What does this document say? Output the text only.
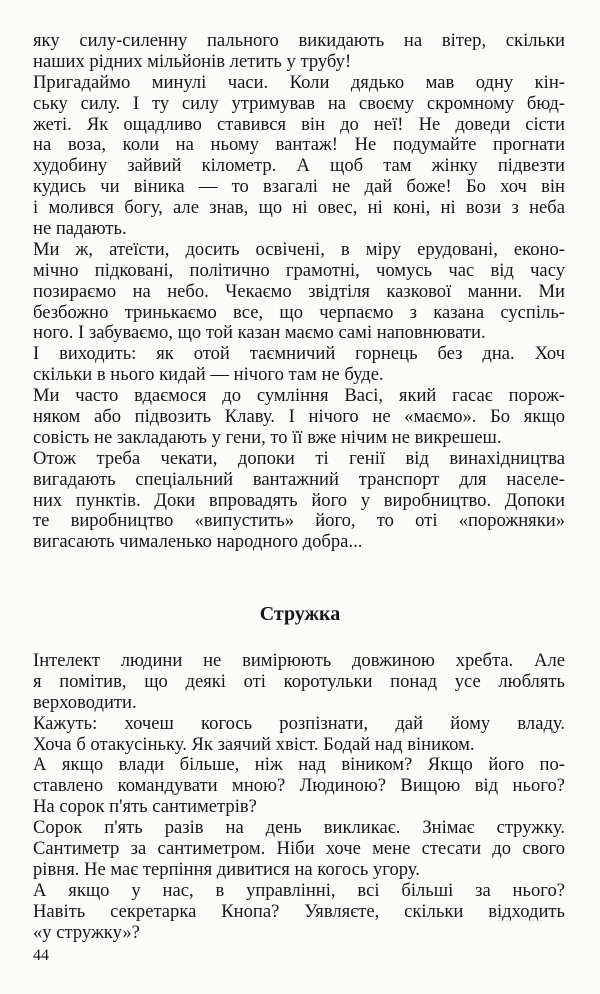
яку силу-силенну пального викидають на вітер, скільки
наших рідних мільйонів летить у трубу!
Пригадаймо минулі часи. Коли дядько мав одну кін-
ську силу. І ту силу утримував на своєму скромному бюд-
жеті. Як ощадливо ставився він до неї! Не доведи сісти
на воза, коли на ньому вантаж! Не подумайте прогнати
худобину зайвий кілометр. А щоб там жінку підвезти
кудись чи віника — то взагалі не дай боже! Бо хоч він
і молився богу, але знав, що ні овес, ні коні, ні вози з неба
не падають.
Ми ж, атеїсти, досить освічені, в міру ерудовані, еконо-
мічно підковані, політично грамотні, чомусь час від часу
позираємо на небо. Чекаємо звідтіля казкової манни. Ми
безбожно тринькаємо все, що черпаємо з казана суспіль-
ного. І забуваємо, що той казан маємо самі наповнювати.
І виходить: як отой таємничий горнець без дна. Хоч
скільки в нього кидай — нічого там не буде.
Ми часто вдаємося до сумління Васі, який гасає порож-
няком або підвозить Клаву. І нічого не «маємо». Бо якщо
совість не закладають у гени, то її вже нічим не викрешеш.
Отож треба чекати, допоки ті генії від винахідництва
вигадають спеціальний вантажний транспорт для населе-
них пунктів. Доки впровадять його у виробництво. Допоки
те виробництво «випустить» його, то оті «порожняки»
вигасають чималенько народного добра...
Стружка
Інтелект людини не вимірюють довжиною хребта. Але
я помітив, що деякі оті коротульки понад усе люблять
верховодити.
Кажуть: хочеш когось розпізнати, дай йому владу.
Хоча б отакусіньку. Як заячий хвіст. Бодай над віником.
А якщо влади більше, ніж над віником? Якщо його по-
ставлено командувати мною? Людиною? Вищою від нього?
На сорок п'ять сантиметрів?
Сорок п'ять разів на день викликає. Знімає стружку.
Сантиметр за сантиметром. Ніби хоче мене стесати до свого
рівня. Не має терпіння дивитися на когось угору.
А якщо у нас, в управлінні, всі більші за нього?
Навіть секретарка Кнопа? Уявляєте, скільки відходить
«у стружку»?
44
